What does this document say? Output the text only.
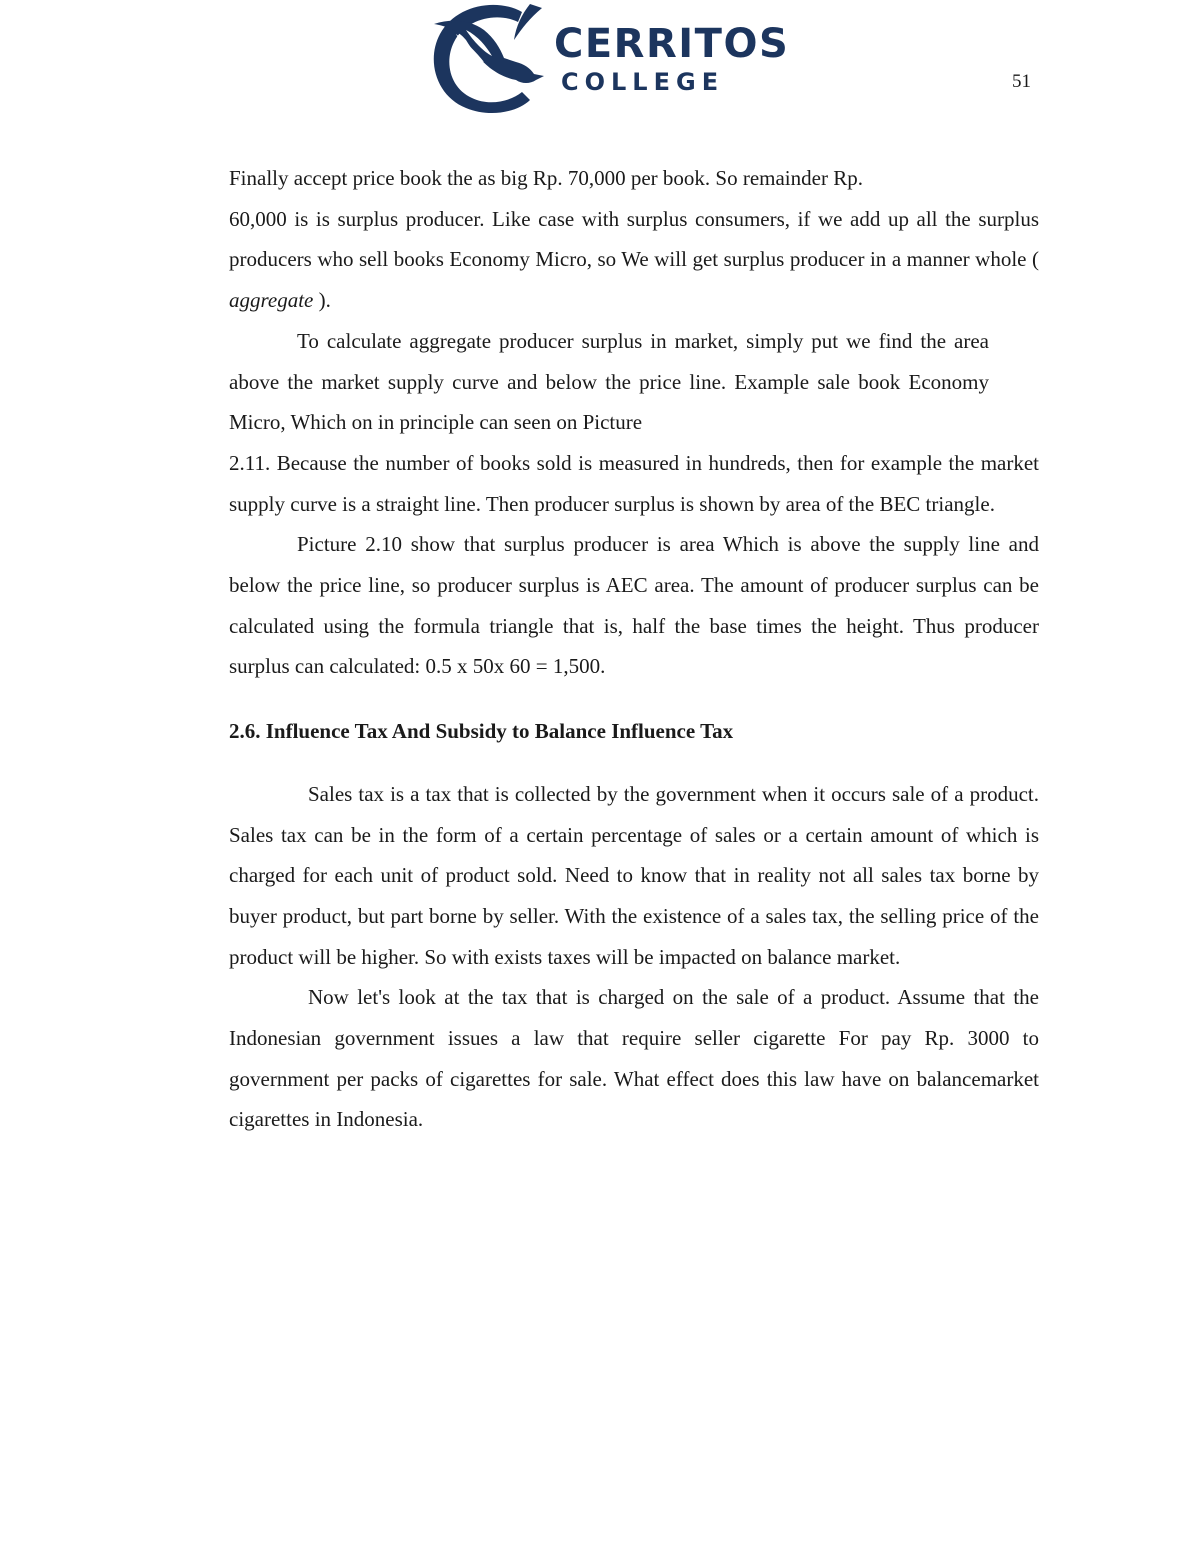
CERRITOS
COLLEGE	51

Finally accept price book the as big Rp. 70,000 per book. So remainder Rp.

60,000 is is surplus producer. Like case with surplus consumers, if we add up all the surplus producers who sell books Economy Micro, so We will get surplus producer in a manner whole ( aggregate ).

To calculate aggregate producer surplus in market, simply put we find the area above the market supply curve and below the price line. Example sale book Economy Micro, Which on in principle can seen on Picture

2.11. Because the number of books sold is measured in hundreds, then for example the market supply curve is a straight line. Then producer surplus is shown by area of the BEC triangle.

Picture 2.10 show that surplus producer is area Which is above the supply line and below the price line, so producer surplus is AEC area. The amount of producer surplus can be calculated using the formula triangle that is, half the base times the height. Thus producer surplus can calculated: 0.5 x 50x 60 = 1,500.

2.6. Influence Tax And Subsidy to Balance Influence Tax

Sales tax is a tax that is collected by the government when it occurs sale of a product. Sales tax can be in the form of a certain percentage of sales or a certain amount of which is charged for each unit of product sold. Need to know that in reality not all sales tax borne by buyer product, but part borne by seller. With the existence of a sales tax, the selling price of the product will be higher. So with exists taxes will be impacted on balance market.

Now let's look at the tax that is charged on the sale of a product. Assume that the Indonesian government issues a law that require seller cigarette For pay Rp. 3000 to government per packs of cigarettes for sale. What effect does this law have on balancemarket cigarettes in Indonesia.
